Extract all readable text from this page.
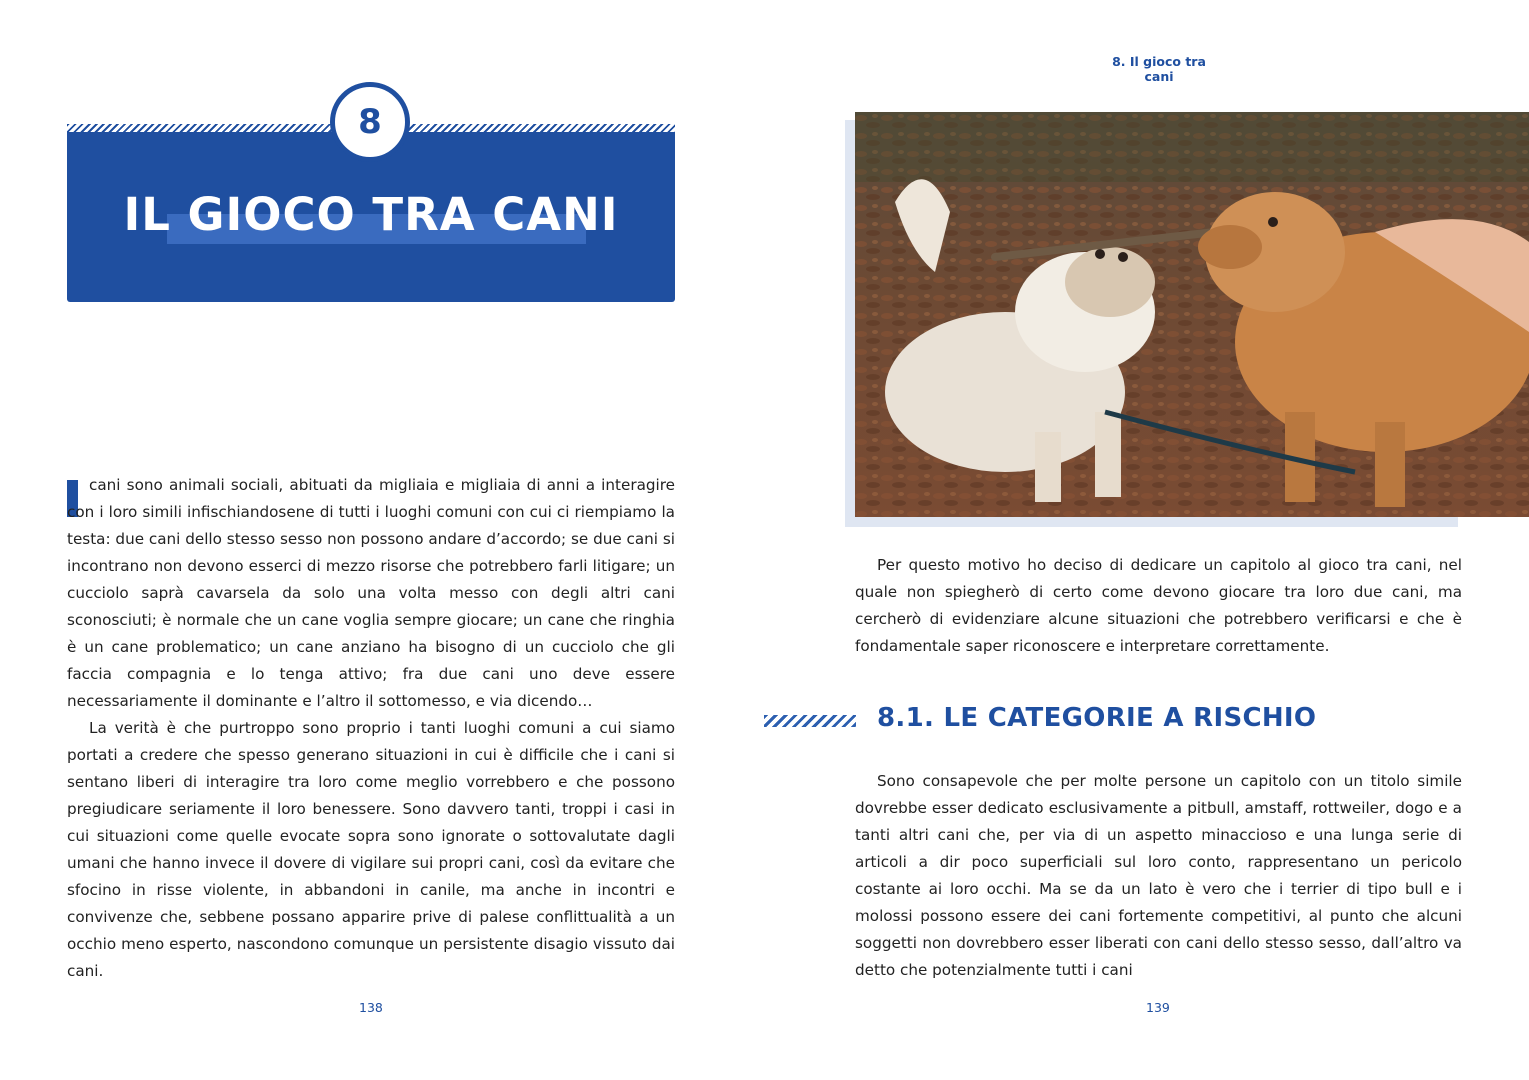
IL GIOCO TRA CANI
8

cani sono animali sociali, abituati da migliaia e migliaia di anni a interagire con i loro simili infischiandosene di tutti i luoghi comuni con cui ci riempiamo la testa: due cani dello stesso sesso non possono andare d’accordo; se due cani si incontrano non devono esserci di mezzo risorse che potrebbero farli litigare; un cucciolo saprà cavarsela da solo una volta messo con degli altri cani sconosciuti; è normale che un cane voglia sempre giocare; un cane che ringhia è un cane problematico; un cane anziano ha bisogno di un cucciolo che gli faccia compagnia e lo tenga attivo; fra due cani uno deve essere necessariamente il dominante e l’altro il sottomesso, e via dicendo…

La verità è che purtroppo sono proprio i tanti luoghi comuni a cui siamo portati a credere che spesso generano situazioni in cui è difficile che i cani si sentano liberi di interagire tra loro come meglio vorrebbero e che possono pregiudicare seriamente il loro benessere. Sono davvero tanti, troppi i casi in cui situazioni come quelle evocate sopra sono ignorate o sottovalutate dagli umani che hanno invece il dovere di vigilare sui propri cani, così da evitare che sfocino in risse violente, in abbandoni in canile, ma anche in incontri e convivenze che, sebbene possano apparire prive di palese conflittualità a un occhio meno esperto, nascondono comunque un persistente disagio vissuto dai cani.

138
8. Il gioco tra cani

Per questo motivo ho deciso di dedicare un capitolo al gioco tra cani, nel quale non spiegherò di certo come devono giocare tra loro due cani, ma cercherò di evidenziare alcune situazioni che potrebbero verificarsi e che è fondamentale saper riconoscere e interpretare correttamente.

8.1. LE CATEGORIE A RISCHIO

Sono consapevole che per molte persone un capitolo con un titolo simile dovrebbe esser dedicato esclusivamente a pitbull, amstaff, rottweiler, dogo e a tanti altri cani che, per via di un aspetto minaccioso e una lunga serie di articoli a dir poco superficiali sul loro conto, rappresentano un pericolo costante ai loro occhi. Ma se da un lato è vero che i terrier di tipo bull e i molossi possono essere dei cani fortemente competitivi, al punto che alcuni soggetti non dovrebbero esser liberati con cani dello stesso sesso, dall’altro va detto che potenzialmente tutti i cani

139
